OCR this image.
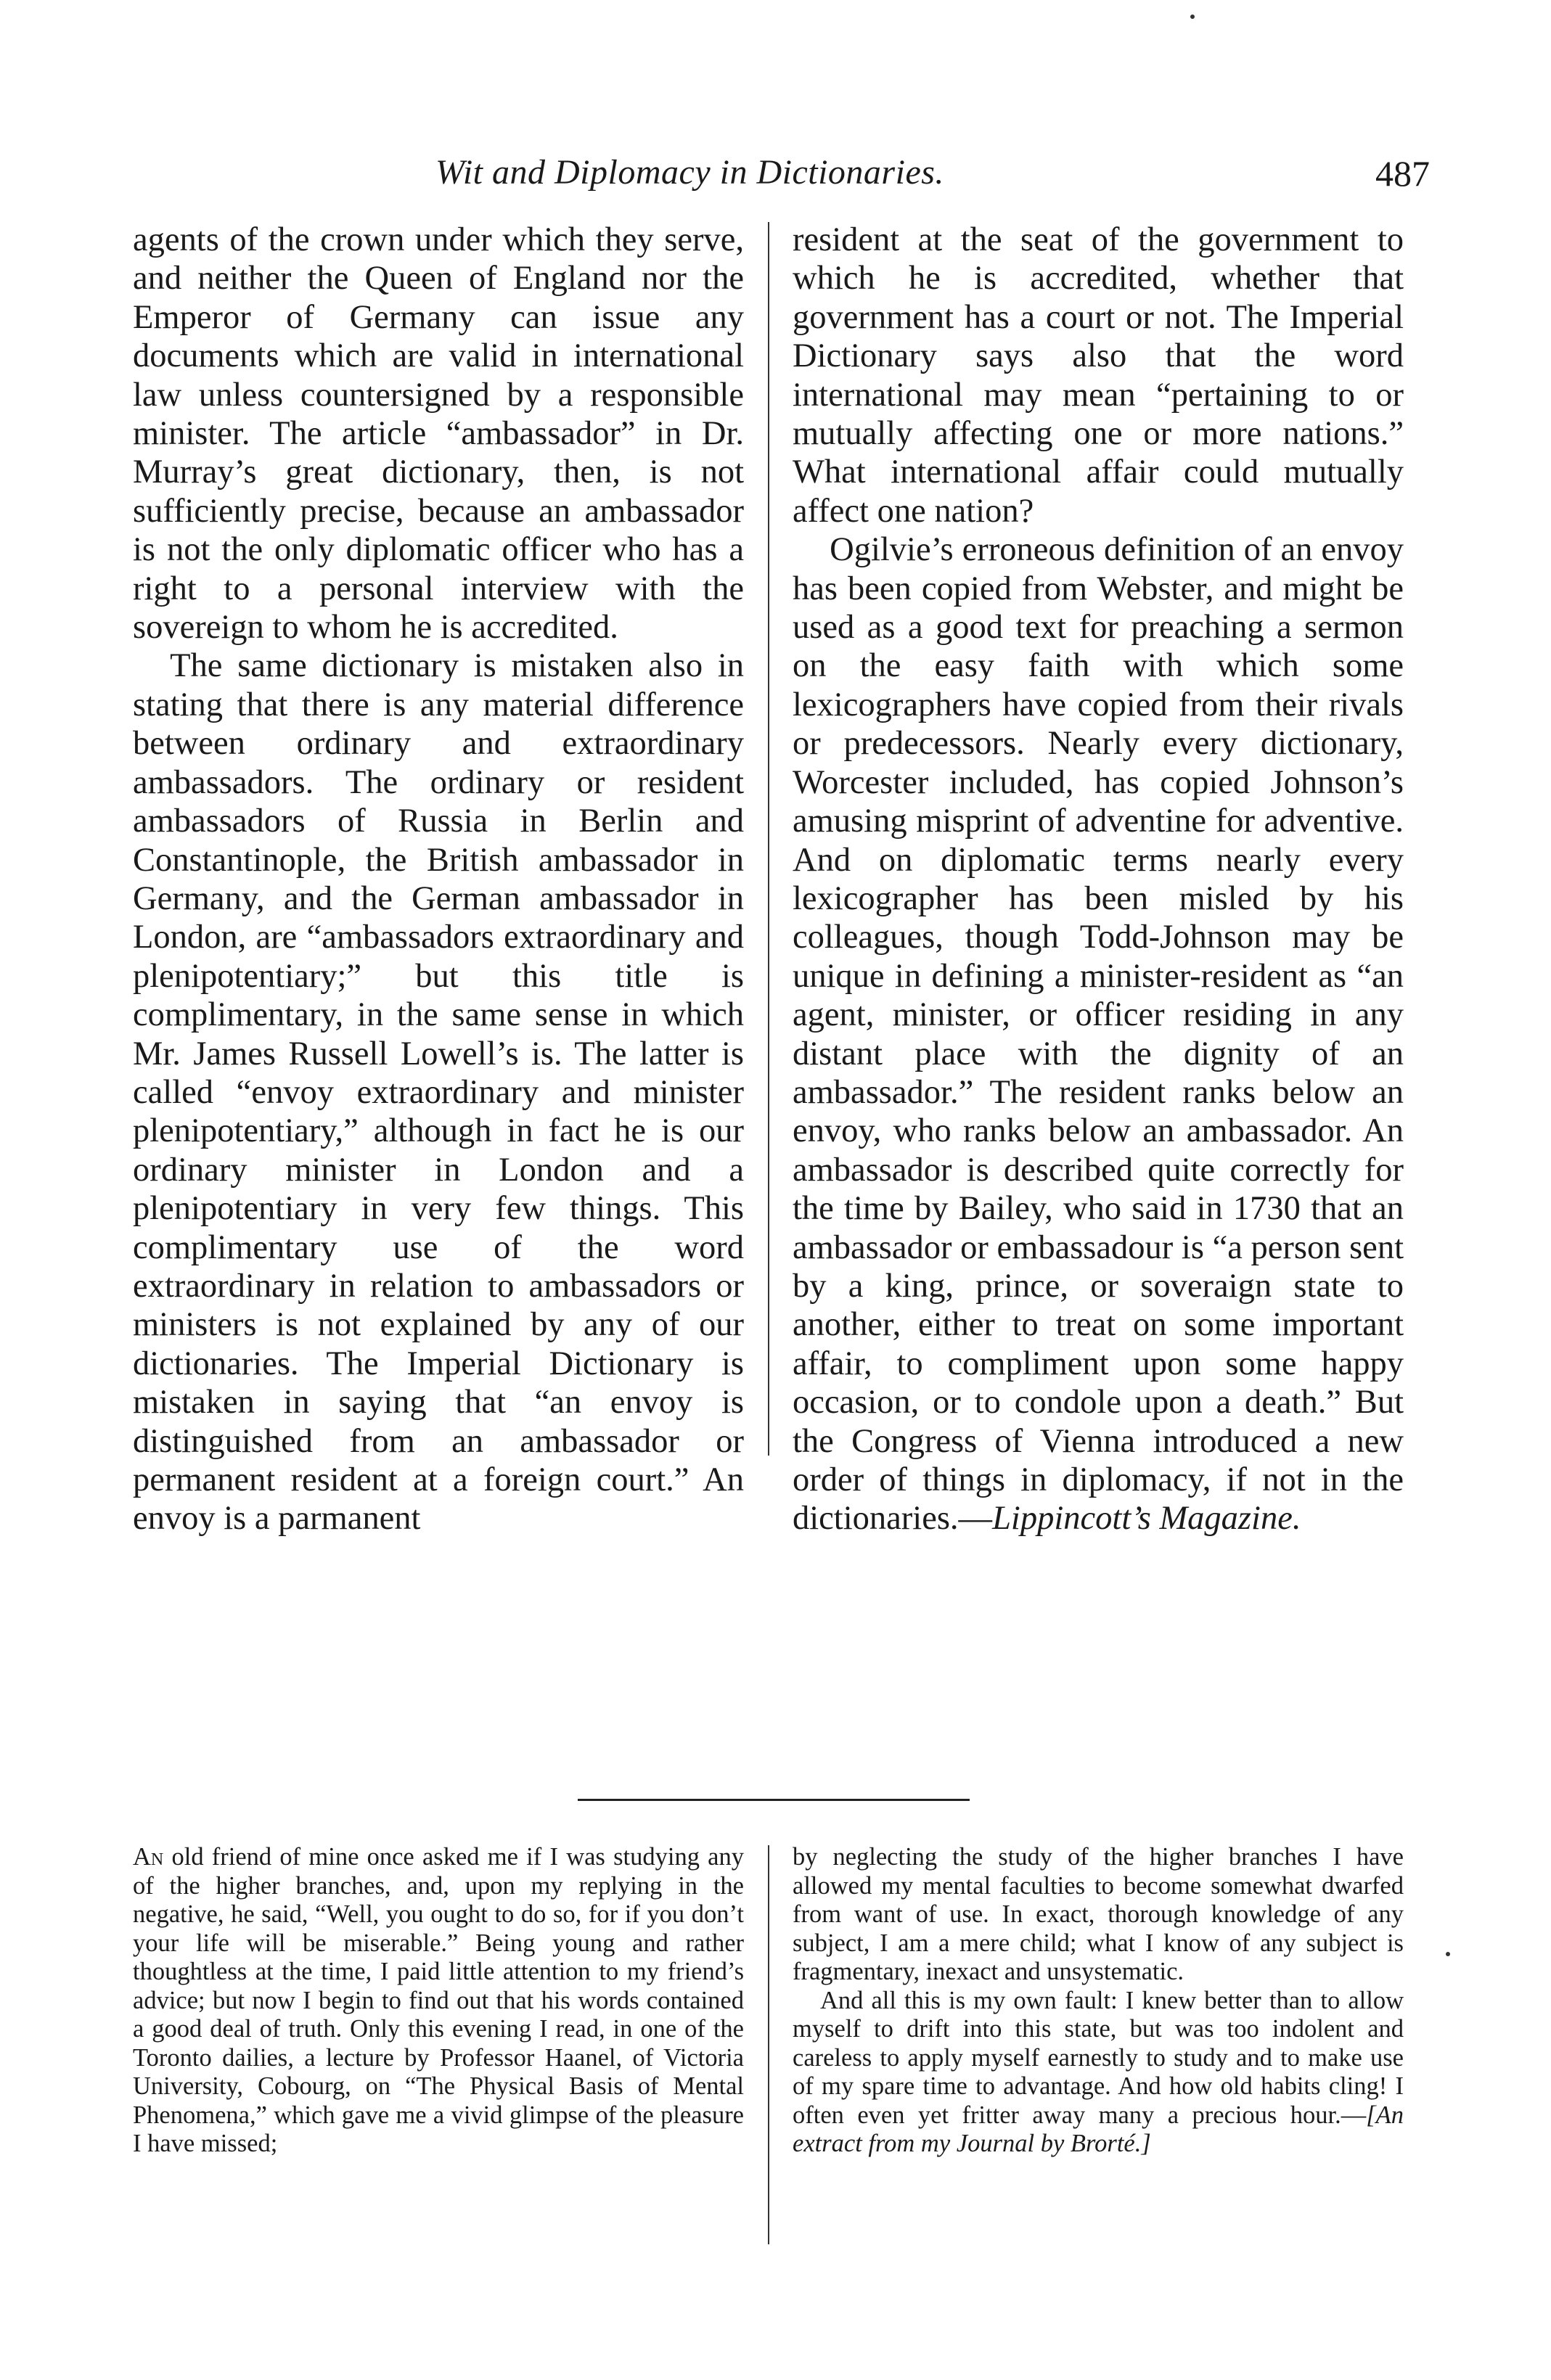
Wit and Diplomacy in Dictionaries.	487

agents of the crown under which they serve, and neither the Queen of England nor the Emperor of Germany can issue any documents which are valid in international law unless countersigned by a responsible minister. The article “ambassador” in Dr. Murray’s great dictionary, then, is not sufficiently precise, because an ambassador is not the only diplomatic officer who has a right to a personal interview with the sovereign to whom he is accredited.

The same dictionary is mistaken also in stating that there is any material difference between ordinary and extraordinary ambassadors. The ordinary or resident ambassadors of Russia in Berlin and Constantinople, the British ambassador in Germany, and the German ambassador in London, are “ambassadors extraordinary and plenipotentiary;” but this title is complimentary, in the same sense in which Mr. James Russell Lowell’s is. The latter is called “envoy extraordinary and minister plenipotentiary,” although in fact he is our ordinary minister in London and a plenipotentiary in very few things. This complimentary use of the word extraordinary in relation to ambassadors or ministers is not explained by any of our dictionaries. The Imperial Dictionary is mistaken in saying that “an envoy is distinguished from an ambassador or permanent resident at a foreign court.” An envoy is a parmanent

resident at the seat of the government to which he is accredited, whether that government has a court or not. The Imperial Dictionary says also that the word international may mean “pertaining to or mutually affecting one or more nations.” What international affair could mutually affect one nation?

Ogilvie’s erroneous definition of an envoy has been copied from Webster, and might be used as a good text for preaching a sermon on the easy faith with which some lexicographers have copied from their rivals or predecessors. Nearly every dictionary, Worcester included, has copied Johnson’s amusing misprint of adventine for adventive. And on diplomatic terms nearly every lexicographer has been misled by his colleagues, though Todd-Johnson may be unique in defining a minister-resident as “an agent, minister, or officer residing in any distant place with the dignity of an ambassador.” The resident ranks below an envoy, who ranks below an ambassador. An ambassador is described quite correctly for the time by Bailey, who said in 1730 that an ambassador or embassadour is “a person sent by a king, prince, or soveraign state to another, either to treat on some important affair, to compliment upon some happy occasion, or to condole upon a death.” But the Congress of Vienna introduced a new order of things in diplomacy, if not in the dictionaries.—Lippincott’s Magazine.

An old friend of mine once asked me if I was studying any of the higher branches, and, upon my replying in the negative, he said, “Well, you ought to do so, for if you don’t your life will be miserable.” Being young and rather thoughtless at the time, I paid little attention to my friend’s advice; but now I begin to find out that his words contained a good deal of truth. Only this evening I read, in one of the Toronto dailies, a lecture by Professor Haanel, of Victoria University, Cobourg, on “The Physical Basis of Mental Phenomena,” which gave me a vivid glimpse of the pleasure I have missed;

by neglecting the study of the higher branches I have allowed my mental faculties to become somewhat dwarfed from want of use. In exact, thorough knowledge of any subject, I am a mere child; what I know of any subject is fragmentary, inexact and unsystematic.

And all this is my own fault: I knew better than to allow myself to drift into this state, but was too indolent and careless to apply myself earnestly to study and to make use of my spare time to advantage. And how old habits cling! I often even yet fritter away many a precious hour.—[An extract from my Journal by Brorté.]
